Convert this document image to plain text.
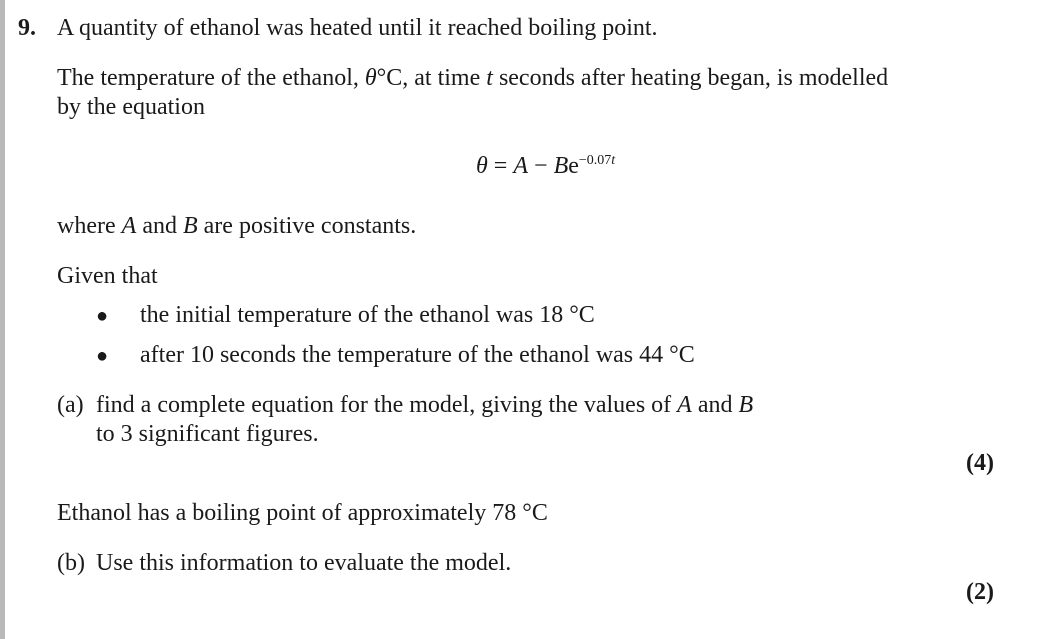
9. A quantity of ethanol was heated until it reached boiling point.
The temperature of the ethanol, θ°C, at time t seconds after heating began, is modelled
by the equation
$\theta = A - Be^{-0.07t}$
where A and B are positive constants.
Given that
● the initial temperature of the ethanol was 18 °C
● after 10 seconds the temperature of the ethanol was 44 °C
(a) find a complete equation for the model, giving the values of A and B
to 3 significant figures.
(4)
Ethanol has a boiling point of approximately 78 °C
(b) Use this information to evaluate the model.
(2)
